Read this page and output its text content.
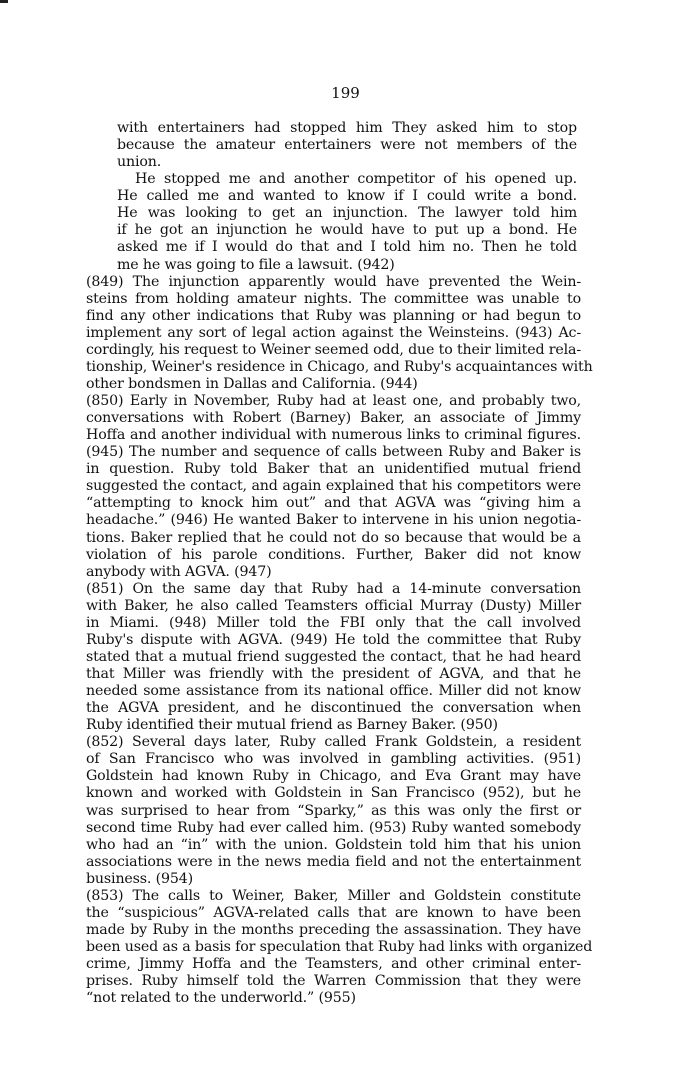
199
with entertainers had stopped him They asked him to stop
because the amateur entertainers were not members of the
union.
He stopped me and another competitor of his opened up.
He called me and wanted to know if I could write a bond.
He was looking to get an injunction. The lawyer told him
if he got an injunction he would have to put up a bond. He
asked me if I would do that and I told him no. Then he told
me he was going to file a lawsuit. (942)
(849) The injunction apparently would have prevented the Wein-
steins from holding amateur nights. The committee was unable to
find any other indications that Ruby was planning or had begun to
implement any sort of legal action against the Weinsteins. (943) Ac-
cordingly, his request to Weiner seemed odd, due to their limited rela-
tionship, Weiner's residence in Chicago, and Ruby's acquaintances with
other bondsmen in Dallas and California. (944)
(850) Early in November, Ruby had at least one, and probably two,
conversations with Robert (Barney) Baker, an associate of Jimmy
Hoffa and another individual with numerous links to criminal figures.
(945) The number and sequence of calls between Ruby and Baker is
in question. Ruby told Baker that an unidentified mutual friend
suggested the contact, and again explained that his competitors were
“attempting to knock him out” and that AGVA was “giving him a
headache.” (946) He wanted Baker to intervene in his union negotia-
tions. Baker replied that he could not do so because that would be a
violation of his parole conditions. Further, Baker did not know
anybody with AGVA. (947)
(851) On the same day that Ruby had a 14-minute conversation
with Baker, he also called Teamsters official Murray (Dusty) Miller
in Miami. (948) Miller told the FBI only that the call involved
Ruby's dispute with AGVA. (949) He told the committee that Ruby
stated that a mutual friend suggested the contact, that he had heard
that Miller was friendly with the president of AGVA, and that he
needed some assistance from its national office. Miller did not know
the AGVA president, and he discontinued the conversation when
Ruby identified their mutual friend as Barney Baker. (950)
(852) Several days later, Ruby called Frank Goldstein, a resident
of San Francisco who was involved in gambling activities. (951)
Goldstein had known Ruby in Chicago, and Eva Grant may have
known and worked with Goldstein in San Francisco (952), but he
was surprised to hear from “Sparky,” as this was only the first or
second time Ruby had ever called him. (953) Ruby wanted somebody
who had an “in” with the union. Goldstein told him that his union
associations were in the news media field and not the entertainment
business. (954)
(853) The calls to Weiner, Baker, Miller and Goldstein constitute
the “suspicious” AGVA-related calls that are known to have been
made by Ruby in the months preceding the assassination. They have
been used as a basis for speculation that Ruby had links with organized
crime, Jimmy Hoffa and the Teamsters, and other criminal enter-
prises. Ruby himself told the Warren Commission that they were
“not related to the underworld.” (955)
